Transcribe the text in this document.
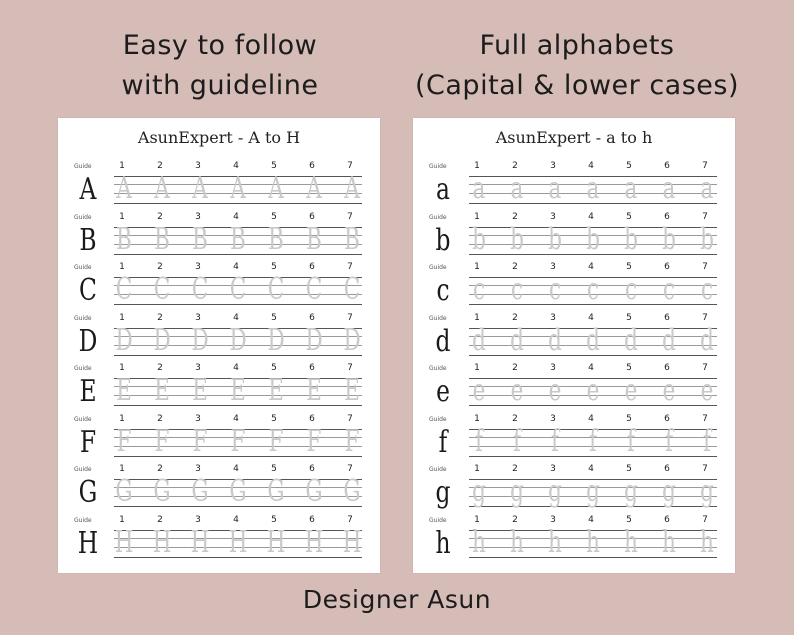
Easy to follow
with guideline
Full alphabets
(Capital & lower cases)
AsunExpert - A to H
Guide
A
1
A
2
A
3
A
4
A
5
A
6
A
7
A
Guide
B
1
B
2
B
3
B
4
B
5
B
6
B
7
B
Guide
C
1
C
2
C
3
C
4
C
5
C
6
C
7
C
Guide
D
1
D
2
D
3
D
4
D
5
D
6
D
7
D
Guide
E
1
E
2
E
3
E
4
E
5
E
6
E
7
E
Guide
F
1
F
2
F
3
F
4
F
5
F
6
F
7
F
Guide
G
1
G
2
G
3
G
4
G
5
G
6
G
7
G
Guide
H
1
H
2
H
3
H
4
H
5
H
6
H
7
H
AsunExpert - a to h
Guide
a
1
a
2
a
3
a
4
a
5
a
6
a
7
a
Guide
b
1
b
2
b
3
b
4
b
5
b
6
b
7
b
Guide
c
1
c
2
c
3
c
4
c
5
c
6
c
7
c
Guide
d
1
d
2
d
3
d
4
d
5
d
6
d
7
d
Guide
e
1
e
2
e
3
e
4
e
5
e
6
e
7
e
Guide
f
1
f
2
f
3
f
4
f
5
f
6
f
7
f
Guide
g
1
g
2
g
3
g
4
g
5
g
6
g
7
g
Guide
h
1
h
2
h
3
h
4
h
5
h
6
h
7
h
Designer Asun
